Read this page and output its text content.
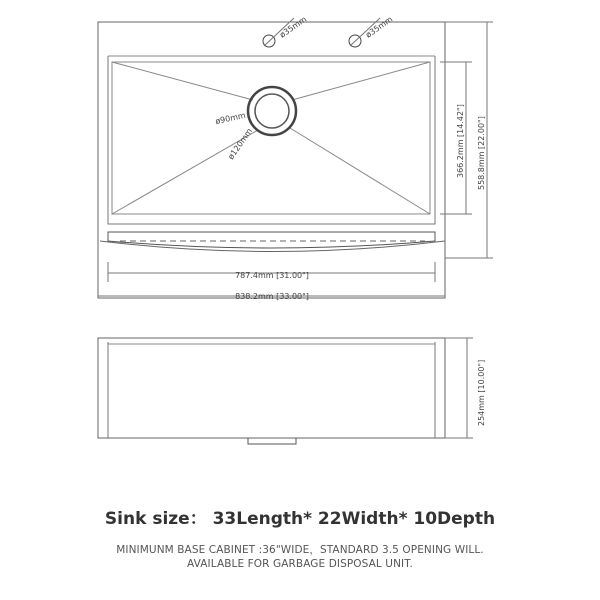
ø35mm	ø35mm
ø90mm
ø120mm	366.2mm [14.42"] 558.8mm [22.00"]
787.4mm [31.00"]
838.2mm [33.00"]
254mm [10.00"]
Sink size： 33Length* 22Width* 10Depth
MINIMUNM BASE CABINET :36"WIDE，STANDARD 3.5 OPENING WILL.
AVAILABLE FOR GARBAGE DISPOSAL UNIT.
